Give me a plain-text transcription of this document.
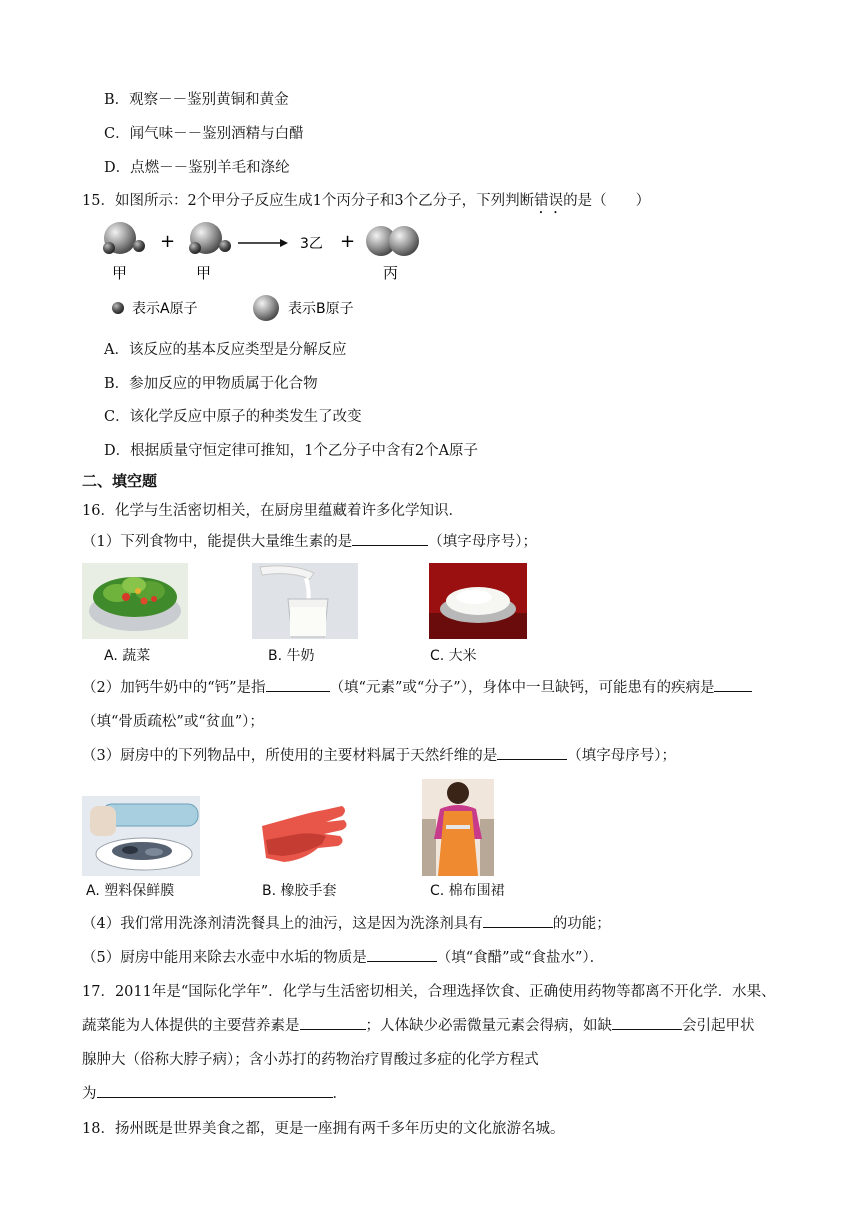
B．观察－－鉴别黄铜和黄金
C．闻气味－－鉴别酒精与白醋
D．点燃－－鉴别羊毛和涤纶
15．如图所示：2个甲分子反应生成1个丙分子和3个乙分子，下列判断错误的是（　　）
+	3乙 +
甲	甲	丙
表示A原子	表示B原子
A．该反应的基本反应类型是分解反应
B．参加反应的甲物质属于化合物
C．该化学反应中原子的种类发生了改变
D．根据质量守恒定律可推知，1个乙分子中含有2个A原子
二、填空题
16．化学与生活密切相关，在厨房里蕴藏着许多化学知识．
（1）下列食物中，能提供大量维生素的是	（填字母序号）；
A. 蔬菜	B. 牛奶	C. 大米
（2）加钙牛奶中的“钙”是指	（填“元素”或“分子”），身体中一旦缺钙，可能患有的疾病是
（填“骨质疏松”或“贫血”）；
（3）厨房中的下列物品中，所使用的主要材料属于天然纤维的是	（填字母序号）；
A. 塑料保鲜膜	B. 橡胶手套	C. 棉布围裙
（4）我们常用洗涤剂清洗餐具上的油污，这是因为洗涤剂具有	的功能；
（5）厨房中能用来除去水壶中水垢的物质是	（填“食醋”或“食盐水”）．
17．2011年是“国际化学年”．化学与生活密切相关，合理选择饮食、正确使用药物等都离不开化学．水果、
蔬菜能为人体提供的主要营养素是	；人体缺少必需微量元素会得病，如缺	会引起甲状
腺肿大（俗称大脖子病）；含小苏打的药物治疗胃酸过多症的化学方程式
为	．
18．扬州既是世界美食之都，更是一座拥有两千多年历史的文化旅游名城。
